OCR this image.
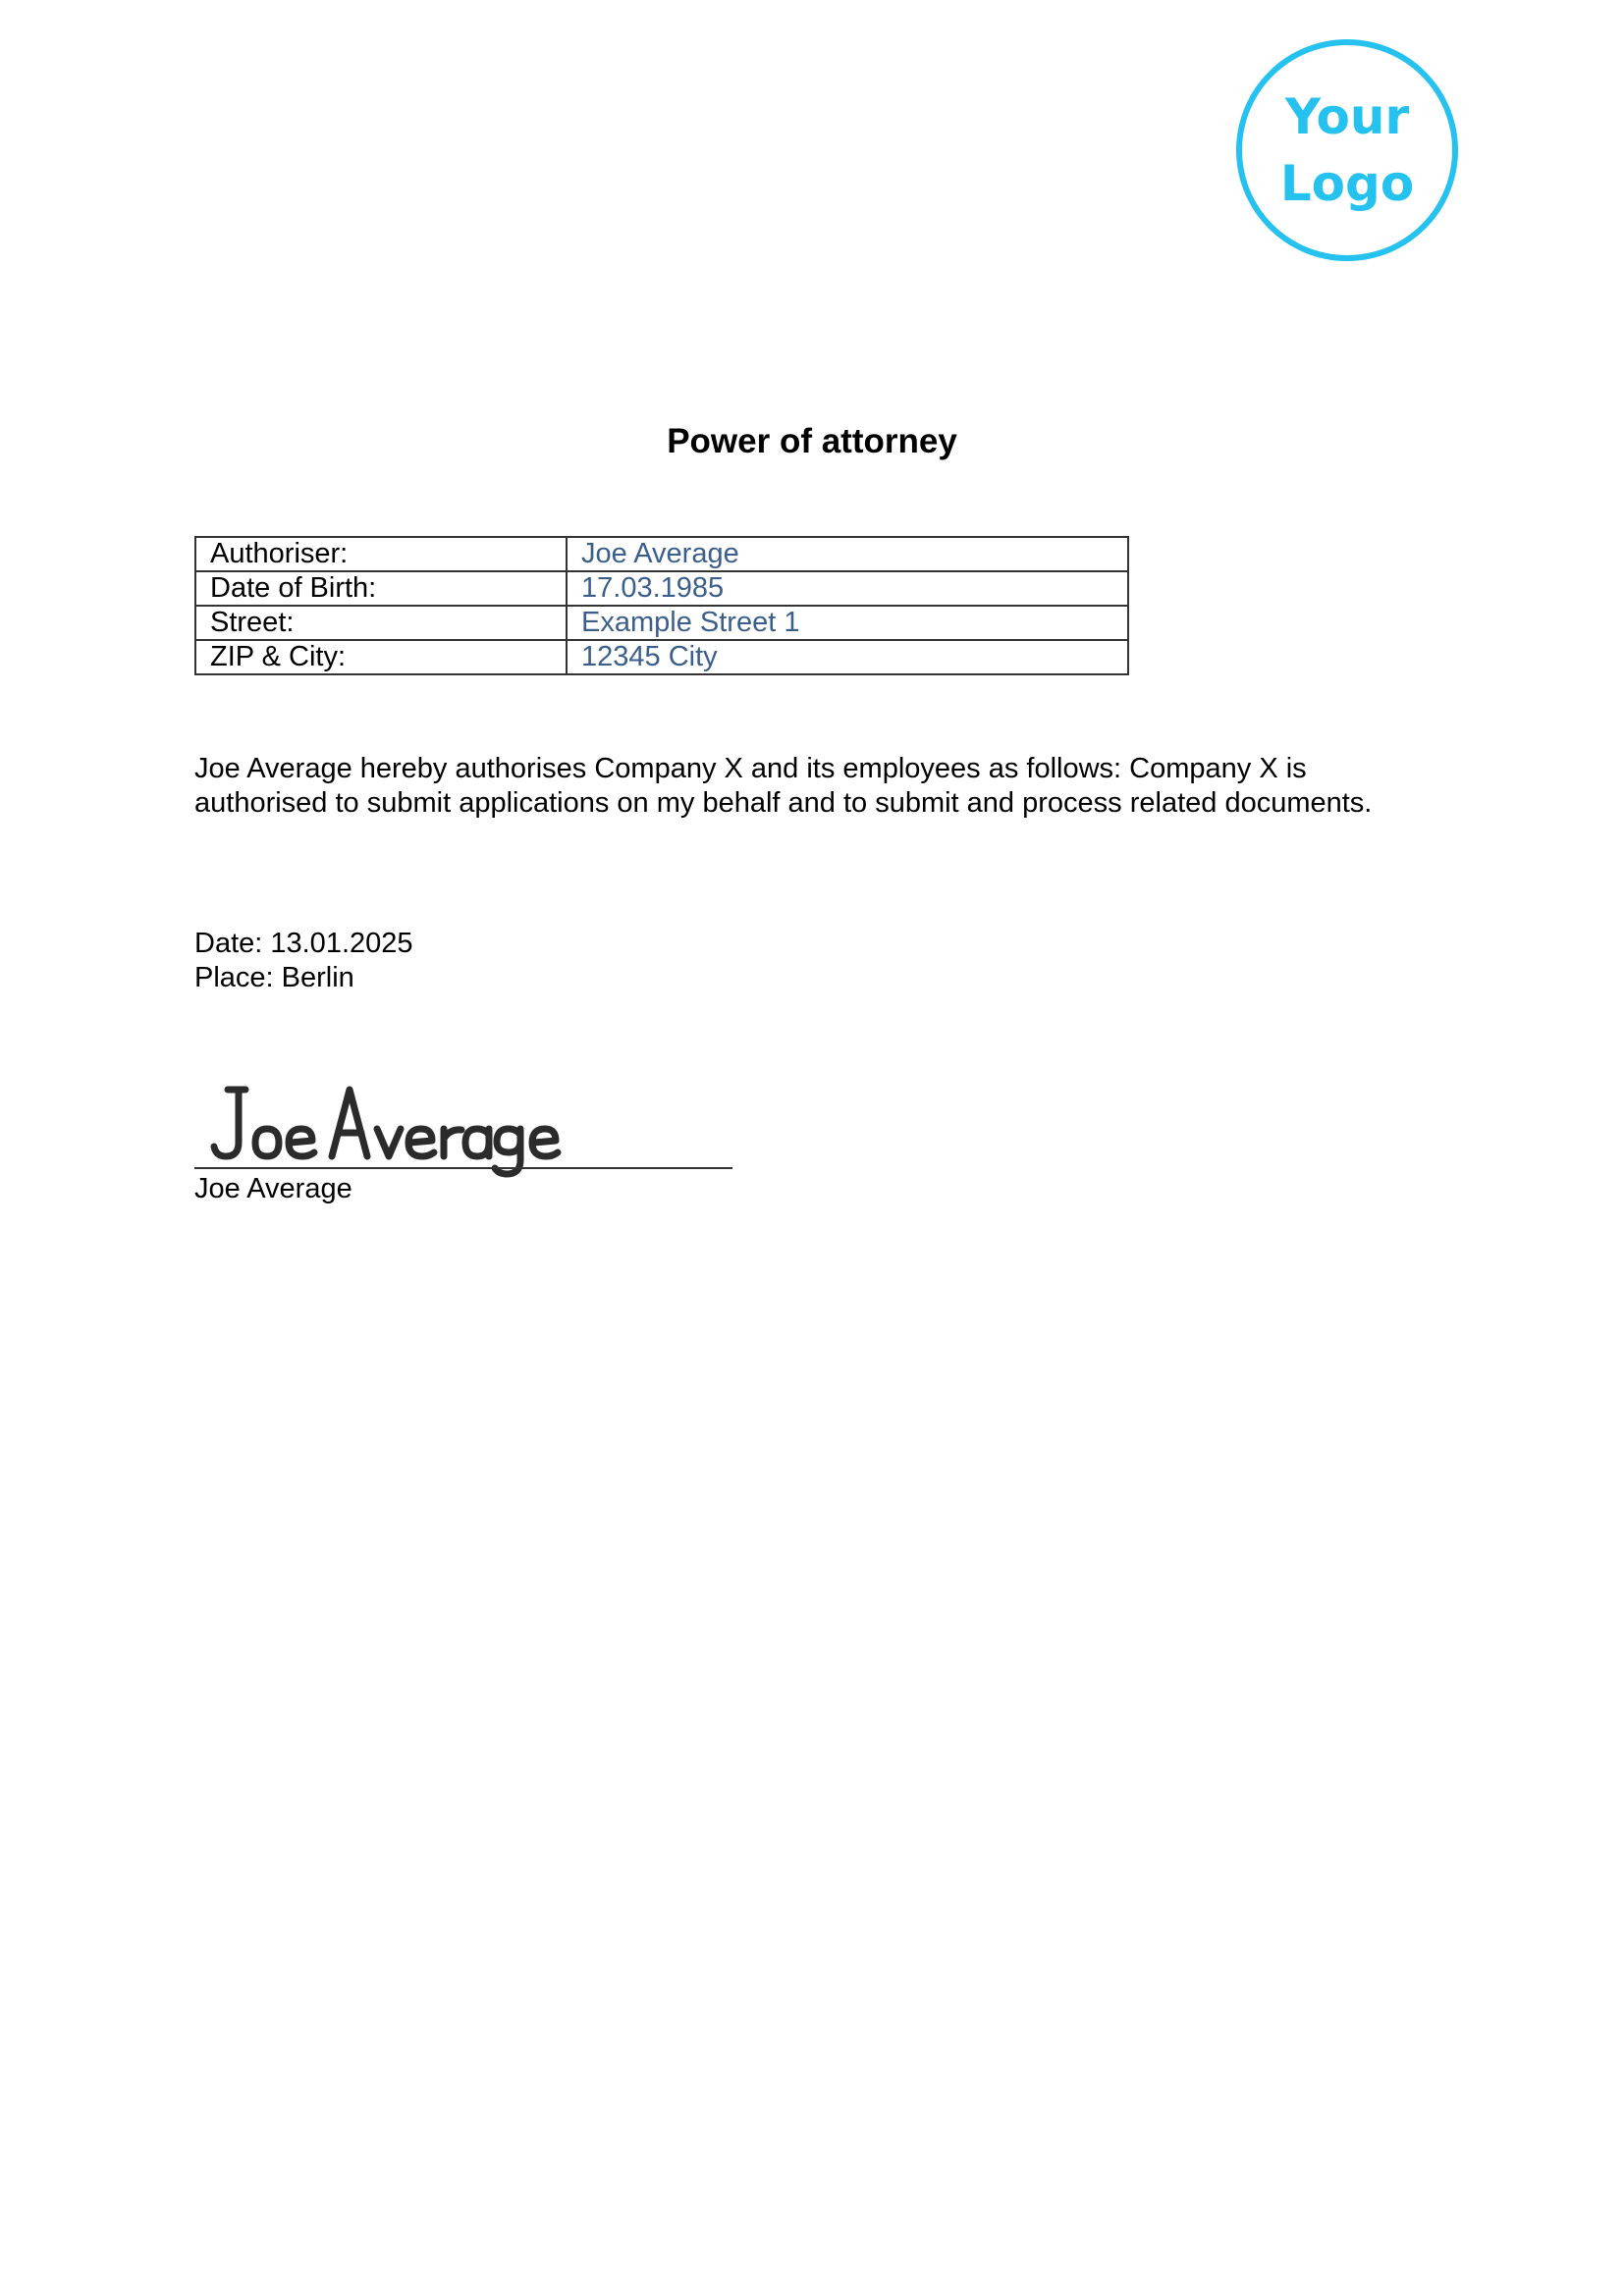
Your
Logo
Power of attorney
Authoriser:	Joe Average
Date of Birth:	17.03.1985
Street:	Example Street 1
ZIP & City:	12345 City

Joe Average hereby authorises Company X and its employees as follows: Company X is authorised to submit applications on my behalf and to submit and process related documents.

Date: 13.01.2025
Place: Berlin
Joe Average
